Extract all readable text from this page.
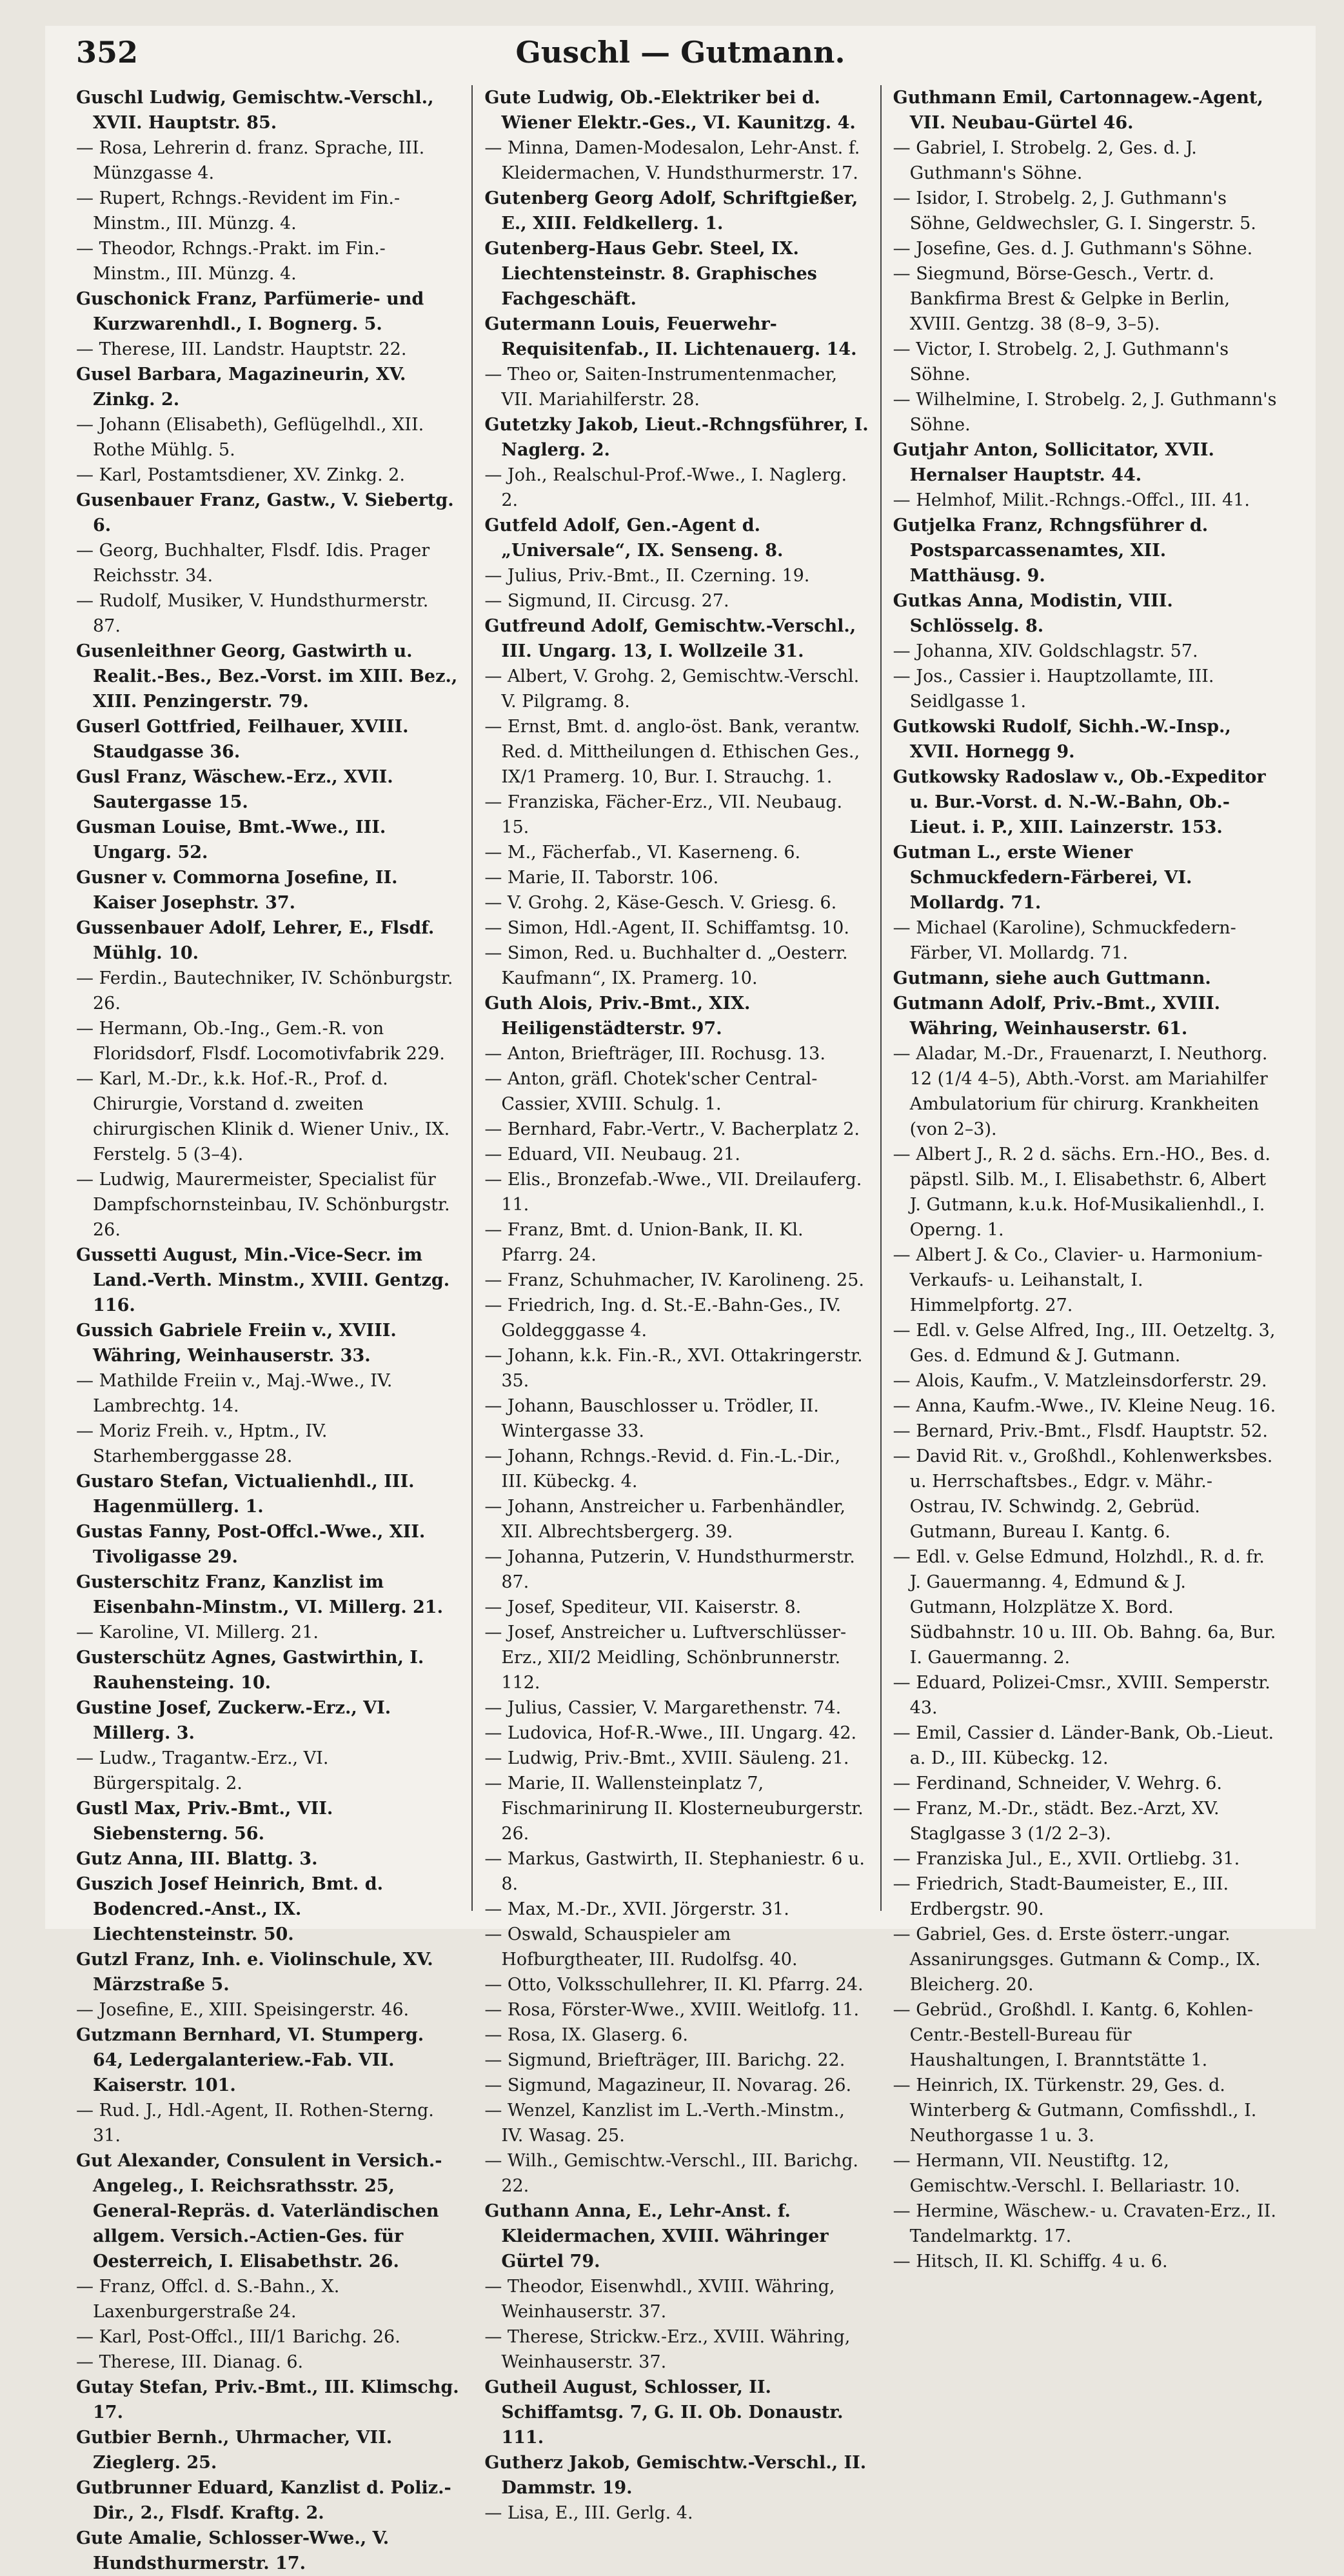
352	Guschl — Gutmann.

Guschl Ludwig, Gemischtw.-Verschl., XVII. Hauptstr. 85.

— Rosa, Lehrerin d. franz. Sprache, III. Münzgasse 4.

— Rupert, Rchngs.-Revident im Fin.-Minstm., III. Münzg. 4.

— Theodor, Rchngs.-Prakt. im Fin.-Minstm., III. Münzg. 4.

Guschonick Franz, Parfümerie- und Kurzwarenhdl., I. Bognerg. 5.

— Therese, III. Landstr. Hauptstr. 22.

Gusel Barbara, Magazineurin, XV. Zinkg. 2.

— Johann (Elisabeth), Geflügelhdl., XII. Rothe Mühlg. 5.

— Karl, Postamtsdiener, XV. Zinkg. 2.

Gusenbauer Franz, Gastw., V. Siebertg. 6.

— Georg, Buchhalter, Flsdf. Idis. Prager Reichsstr. 34.

— Rudolf, Musiker, V. Hundsthurmerstr. 87.

Gusenleithner Georg, Gastwirth u. Realit.-Bes., Bez.-Vorst. im XIII. Bez., XIII. Penzingerstr. 79.

Guserl Gottfried, Feilhauer, XVIII. Staudgasse 36.

Gusl Franz, Wäschew.-Erz., XVII. Sautergasse 15.

Gusman Louise, Bmt.-Wwe., III. Ungarg. 52.

Gusner v. Commorna Josefine, II. Kaiser Josephstr. 37.

Gussenbauer Adolf, Lehrer, E., Flsdf. Mühlg. 10.

— Ferdin., Bautechniker, IV. Schönburgstr. 26.

— Hermann, Ob.-Ing., Gem.-R. von Floridsdorf, Flsdf. Locomotivfabrik 229.

— Karl, M.-Dr., k.k. Hof.-R., Prof. d. Chirurgie, Vorstand d. zweiten chirurgischen Klinik d. Wiener Univ., IX. Ferstelg. 5 (3–4).

— Ludwig, Maurermeister, Specialist für Dampfschornsteinbau, IV. Schönburgstr. 26.

Gussetti August, Min.-Vice-Secr. im Land.-Verth. Minstm., XVIII. Gentzg. 116.

Gussich Gabriele Freiin v., XVIII. Währing, Weinhauserstr. 33.

— Mathilde Freiin v., Maj.-Wwe., IV. Lambrechtg. 14.

— Moriz Freih. v., Hptm., IV. Starhemberggasse 28.

Gustaro Stefan, Victualienhdl., III. Hagenmüllerg. 1.

Gustas Fanny, Post-Offcl.-Wwe., XII. Tivoligasse 29.

Gusterschitz Franz, Kanzlist im Eisenbahn-Minstm., VI. Millerg. 21.

— Karoline, VI. Millerg. 21.

Gusterschütz Agnes, Gastwirthin, I. Rauhensteing. 10.

Gustine Josef, Zuckerw.-Erz., VI. Millerg. 3.

— Ludw., Tragantw.-Erz., VI. Bürgerspitalg. 2.

Gustl Max, Priv.-Bmt., VII. Siebensterng. 56.

Gutz Anna, III. Blattg. 3.

Guszich Josef Heinrich, Bmt. d. Bodencred.-Anst., IX. Liechtensteinstr. 50.

Gutzl Franz, Inh. e. Violinschule, XV. Märzstraße 5.

— Josefine, E., XIII. Speisingerstr. 46.

Gutzmann Bernhard, VI. Stumperg. 64, Ledergalanteriew.-Fab. VII. Kaiserstr. 101.

— Rud. J., Hdl.-Agent, II. Rothen-Sterng. 31.

Gut Alexander, Consulent in Versich.-Angeleg., I. Reichsrathsstr. 25, General-Repräs. d. Vaterländischen allgem. Versich.-Actien-Ges. für Oesterreich, I. Elisabethstr. 26.

— Franz, Offcl. d. S.-Bahn., X. Laxenburgerstraße 24.

— Karl, Post-Offcl., III/1 Barichg. 26.

— Therese, III. Dianag. 6.

Gutay Stefan, Priv.-Bmt., III. Klimschg. 17.

Gutbier Bernh., Uhrmacher, VII. Zieglerg. 25.

Gutbrunner Eduard, Kanzlist d. Poliz.-Dir., 2., Flsdf. Kraftg. 2.

Gute Amalie, Schlosser-Wwe., V. Hundsthurmerstr. 17.

Gute Ludwig, Ob.-Elektriker bei d. Wiener Elektr.-Ges., VI. Kaunitzg. 4.

— Minna, Damen-Modesalon, Lehr-Anst. f. Kleidermachen, V. Hundsthurmerstr. 17.

Gutenberg Georg Adolf, Schriftgießer, E., XIII. Feldkellerg. 1.

Gutenberg-Haus Gebr. Steel, IX. Liechtensteinstr. 8. Graphisches Fachgeschäft.

Gutermann Louis, Feuerwehr-Requisitenfab., II. Lichtenauerg. 14.

— Theo or, Saiten-Instrumentenmacher, VII. Mariahilferstr. 28.

Gutetzky Jakob, Lieut.-Rchngsführer, I. Naglerg. 2.

— Joh., Realschul-Prof.-Wwe., I. Naglerg. 2.

Gutfeld Adolf, Gen.-Agent d. „Universale“, IX. Senseng. 8.

— Julius, Priv.-Bmt., II. Czerning. 19.

— Sigmund, II. Circusg. 27.

Gutfreund Adolf, Gemischtw.-Verschl., III. Ungarg. 13, I. Wollzeile 31.

— Albert, V. Grohg. 2, Gemischtw.-Verschl. V. Pilgramg. 8.

— Ernst, Bmt. d. anglo-öst. Bank, verantw. Red. d. Mittheilungen d. Ethischen Ges., IX/1 Pramerg. 10, Bur. I. Strauchg. 1.

— Franziska, Fächer-Erz., VII. Neubaug. 15.

— M., Fächerfab., VI. Kaserneng. 6.

— Marie, II. Taborstr. 106.

— V. Grohg. 2, Käse-Gesch. V. Griesg. 6.

— Simon, Hdl.-Agent, II. Schiffamtsg. 10.

— Simon, Red. u. Buchhalter d. „Oesterr. Kaufmann“, IX. Pramerg. 10.

Guth Alois, Priv.-Bmt., XIX. Heiligenstädterstr. 97.

— Anton, Briefträger, III. Rochusg. 13.

— Anton, gräfl. Chotek'scher Central-Cassier, XVIII. Schulg. 1.

— Bernhard, Fabr.-Vertr., V. Bacherplatz 2.

— Eduard, VII. Neubaug. 21.

— Elis., Bronzefab.-Wwe., VII. Dreilauferg. 11.

— Franz, Bmt. d. Union-Bank, II. Kl. Pfarrg. 24.

— Franz, Schuhmacher, IV. Karolineng. 25.

— Friedrich, Ing. d. St.-E.-Bahn-Ges., IV. Goldegggasse 4.

— Johann, k.k. Fin.-R., XVI. Ottakringerstr. 35.

— Johann, Bauschlosser u. Trödler, II. Wintergasse 33.

— Johann, Rchngs.-Revid. d. Fin.-L.-Dir., III. Kübeckg. 4.

— Johann, Anstreicher u. Farbenhändler, XII. Albrechtsbergerg. 39.

— Johanna, Putzerin, V. Hundsthurmerstr. 87.

— Josef, Spediteur, VII. Kaiserstr. 8.

— Josef, Anstreicher u. Luftverschlüsser-Erz., XII/2 Meidling, Schönbrunnerstr. 112.

— Julius, Cassier, V. Margarethenstr. 74.

— Ludovica, Hof-R.-Wwe., III. Ungarg. 42.

— Ludwig, Priv.-Bmt., XVIII. Säuleng. 21.

— Marie, II. Wallensteinplatz 7, Fischmarinirung II. Klosterneuburgerstr. 26.

— Markus, Gastwirth, II. Stephaniestr. 6 u. 8.

— Max, M.-Dr., XVII. Jörgerstr. 31.

— Oswald, Schauspieler am Hofburgtheater, III. Rudolfsg. 40.

— Otto, Volksschullehrer, II. Kl. Pfarrg. 24.

— Rosa, Förster-Wwe., XVIII. Weitlofg. 11.

— Rosa, IX. Glaserg. 6.

— Sigmund, Briefträger, III. Barichg. 22.

— Sigmund, Magazineur, II. Novarag. 26.

— Wenzel, Kanzlist im L.-Verth.-Minstm., IV. Wasag. 25.

— Wilh., Gemischtw.-Verschl., III. Barichg. 22.

Guthann Anna, E., Lehr-Anst. f. Kleidermachen, XVIII. Währinger Gürtel 79.

— Theodor, Eisenwhdl., XVIII. Währing, Weinhauserstr. 37.

— Therese, Strickw.-Erz., XVIII. Währing, Weinhauserstr. 37.

Gutheil August, Schlosser, II. Schiffamtsg. 7, G. II. Ob. Donaustr. 111.

Gutherz Jakob, Gemischtw.-Verschl., II. Dammstr. 19.

— Lisa, E., III. Gerlg. 4.

Guthmann Emil, Cartonnagew.-Agent, VII. Neubau-Gürtel 46.

— Gabriel, I. Strobelg. 2, Ges. d. J. Guthmann's Söhne.

— Isidor, I. Strobelg. 2, J. Guthmann's Söhne, Geldwechsler, G. I. Singerstr. 5.

— Josefine, Ges. d. J. Guthmann's Söhne.

— Siegmund, Börse-Gesch., Vertr. d. Bankfirma Brest & Gelpke in Berlin, XVIII. Gentzg. 38 (8–9, 3–5).

— Victor, I. Strobelg. 2, J. Guthmann's Söhne.

— Wilhelmine, I. Strobelg. 2, J. Guthmann's Söhne.

Gutjahr Anton, Sollicitator, XVII. Hernalser Hauptstr. 44.

— Helmhof, Milit.-Rchngs.-Offcl., III. 41.

Gutjelka Franz, Rchngsführer d. Postsparcassenamtes, XII. Matthäusg. 9.

Gutkas Anna, Modistin, VIII. Schlösselg. 8.

— Johanna, XIV. Goldschlagstr. 57.

— Jos., Cassier i. Hauptzollamte, III. Seidlgasse 1.

Gutkowski Rudolf, Sichh.-W.-Insp., XVII. Hornegg 9.

Gutkowsky Radoslaw v., Ob.-Expeditor u. Bur.-Vorst. d. N.-W.-Bahn, Ob.-Lieut. i. P., XIII. Lainzerstr. 153.

Gutman L., erste Wiener Schmuckfedern-Färberei, VI. Mollardg. 71.

— Michael (Karoline), Schmuckfedern-Färber, VI. Mollardg. 71.

Gutmann, siehe auch Guttmann.

Gutmann Adolf, Priv.-Bmt., XVIII. Währing, Weinhauserstr. 61.

— Aladar, M.-Dr., Frauenarzt, I. Neuthorg. 12 (1/4 4–5), Abth.-Vorst. am Mariahilfer Ambulatorium für chirurg. Krankheiten (von 2–3).

— Albert J., R. 2 d. sächs. Ern.-HO., Bes. d. päpstl. Silb. M., I. Elisabethstr. 6, Albert J. Gutmann, k.u.k. Hof-Musikalienhdl., I. Operng. 1.

— Albert J. & Co., Clavier- u. Harmonium-Verkaufs- u. Leihanstalt, I. Himmelpfortg. 27.

— Edl. v. Gelse Alfred, Ing., III. Oetzeltg. 3, Ges. d. Edmund & J. Gutmann.

— Alois, Kaufm., V. Matzleinsdorferstr. 29.

— Anna, Kaufm.-Wwe., IV. Kleine Neug. 16.

— Bernard, Priv.-Bmt., Flsdf. Hauptstr. 52.

— David Rit. v., Großhdl., Kohlenwerksbes. u. Herrschaftsbes., Edgr. v. Mähr.-Ostrau, IV. Schwindg. 2, Gebrüd. Gutmann, Bureau I. Kantg. 6.

— Edl. v. Gelse Edmund, Holzhdl., R. d. fr. J. Gauermanng. 4, Edmund & J. Gutmann, Holzplätze X. Bord. Südbahnstr. 10 u. III. Ob. Bahng. 6a, Bur. I. Gauermanng. 2.

— Eduard, Polizei-Cmsr., XVIII. Semperstr. 43.

— Emil, Cassier d. Länder-Bank, Ob.-Lieut. a. D., III. Kübeckg. 12.

— Ferdinand, Schneider, V. Wehrg. 6.

— Franz, M.-Dr., städt. Bez.-Arzt, XV. Staglgasse 3 (1/2 2–3).

— Franziska Jul., E., XVII. Ortliebg. 31.

— Friedrich, Stadt-Baumeister, E., III. Erdbergstr. 90.

— Gabriel, Ges. d. Erste österr.-ungar. Assanirungsges. Gutmann & Comp., IX. Bleicherg. 20.

— Gebrüd., Großhdl. I. Kantg. 6, Kohlen-Centr.-Bestell-Bureau für Haushaltungen, I. Branntstätte 1.

— Heinrich, IX. Türkenstr. 29, Ges. d. Winterberg & Gutmann, Comfisshdl., I. Neuthorgasse 1 u. 3.

— Hermann, VII. Neustiftg. 12, Gemischtw.-Verschl. I. Bellariastr. 10.

— Hermine, Wäschew.- u. Cravaten-Erz., II. Tandelmarktg. 17.

— Hitsch, II. Kl. Schiffg. 4 u. 6.
